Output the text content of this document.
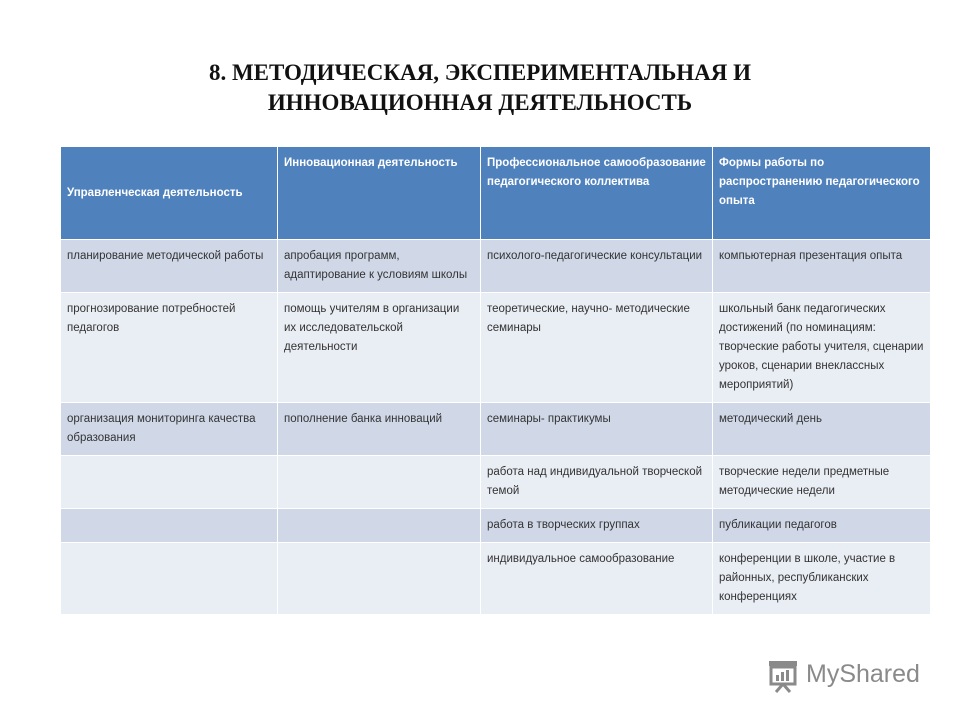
8. МЕТОДИЧЕСКАЯ, ЭКСПЕРИМЕНТАЛЬНАЯ И
ИННОВАЦИОННАЯ ДЕЯТЕЛЬНОСТЬ
Управленческая деятельность	Инновационная деятельность	Профессиональное самообразование педагогического коллектива	Формы работы по распространению педагогического опыта
планирование методической работы	апробация программ, адаптирование к условиям школы	психолого-педагогические консультации	компьютерная презентация опыта
прогнозирование потребностей педагогов	помощь учителям в организации их исследовательской деятельности	теоретические, научно- методические семинары	школьный банк педагогических достижений (по номинациям: творческие работы учителя, сценарии уроков, сценарии внеклассных мероприятий)
организация мониторинга качества образования	пополнение банка инноваций	семинары- практикумы	методический день
		работа над индивидуальной творческой темой	творческие недели предметные методические недели
		работа в творческих группах	публикации педагогов
		индивидуальное самообразование	конференции в школе, участие в районных, республиканских конференциях
MyShared
